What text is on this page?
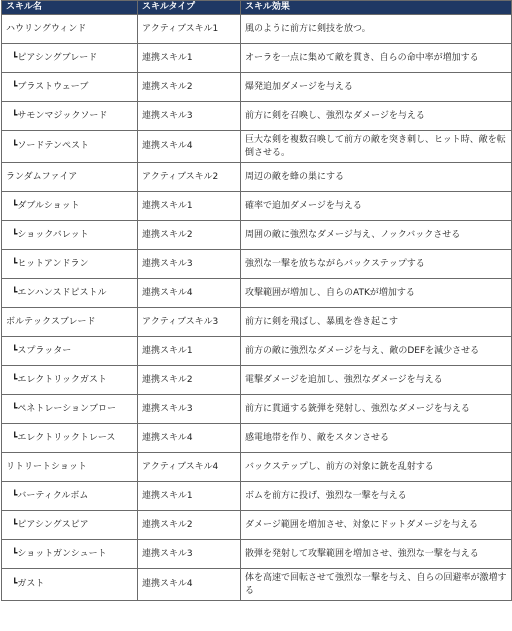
スキル名	スキルタイプ	スキル効果
ハウリングウィンド	アクティブスキル1	風のように前方に剣技を放つ。
┗ピアシングブレード	連携スキル1	オーラを一点に集めて敵を貫き、自らの命中率が増加する
┗ブラストウェーブ	連携スキル2	爆発追加ダメージを与える
┗サモンマジックソード	連携スキル3	前方に剣を召喚し、強烈なダメージを与える
┗ソードテンペスト	連携スキル4	巨大な剣を複数召喚して前方の敵を突き刺し、ヒット時、敵を転倒させる。
ランダムファイア	アクティブスキル2	周辺の敵を蜂の巣にする
┗ダブルショット	連携スキル1	確率で追加ダメージを与える
┗ショックバレット	連携スキル2	周囲の敵に強烈なダメージ与え、ノックバックさせる
┗ヒットアンドラン	連携スキル3	強烈な一撃を放ちながらバックステップする
┗エンハンスドピストル	連携スキル4	攻撃範囲が増加し、自らのATKが増加する
ボルテックスブレード	アクティブスキル3	前方に剣を飛ばし、暴風を巻き起こす
┗スプラッター	連携スキル1	前方の敵に強烈なダメージを与え、敵のDEFを減少させる
┗エレクトリックガスト	連携スキル2	電撃ダメージを追加し、強烈なダメージを与える
┗ペネトレーションブロー	連携スキル3	前方に貫通する銃弾を発射し、強烈なダメージを与える
┗エレクトリックトレース	連携スキル4	感電地帯を作り、敵をスタンさせる
リトリートショット	アクティブスキル4	バックステップし、前方の対象に銃を乱射する
┗バーティクルボム	連携スキル1	ボムを前方に投げ、強烈な一撃を与える
┗ピアシングスピア	連携スキル2	ダメージ範囲を増加させ、対象にドットダメージを与える
┗ショットガンシュート	連携スキル3	散弾を発射して攻撃範囲を増加させ、強烈な一撃を与える
┗ガスト	連携スキル4	体を高速で回転させて強烈な一撃を与え、自らの回避率が激増する
